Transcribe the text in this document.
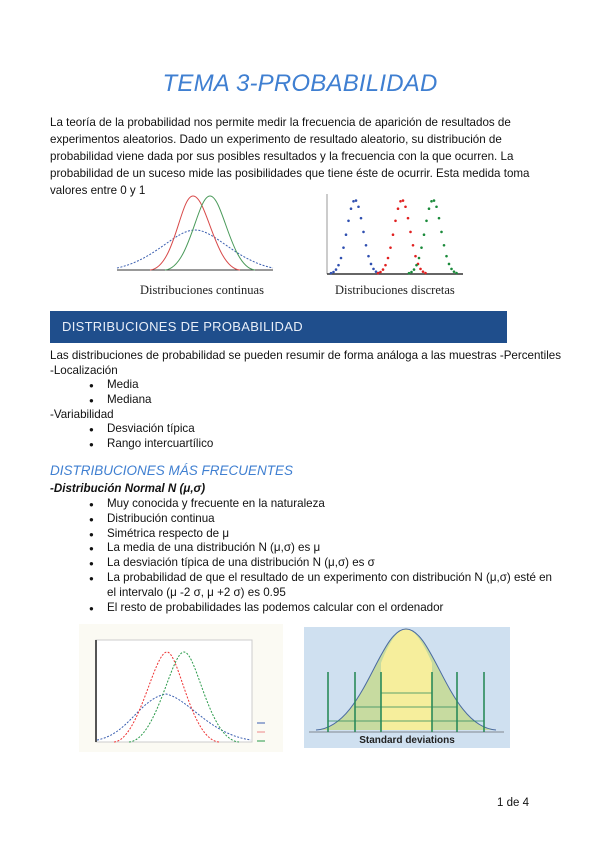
TEMA 3-PROBABILIDAD
La teoría de la probabilidad nos permite medir la frecuencia de aparición de resultados de experimentos aleatorios. Dado un experimento de resultado aleatorio, su distribución de probabilidad viene dada por sus posibles resultados y la frecuencia con la que ocurren. La probabilidad de un suceso mide las posibilidades que tiene éste de ocurrir. Esta medida toma valores entre 0 y 1
Distribuciones continuas	Distribuciones discretas
DISTRIBUCIONES DE PROBABILIDAD
Las distribuciones de probabilidad se pueden resumir de forma análoga a las muestras -Percentiles
-Localización
● Media
● Mediana
-Variabilidad
● Desviación típica
● Rango intercuartílico
DISTRIBUCIONES MÁS FRECUENTES
-Distribución Normal N (μ,σ)
● Muy conocida y frecuente en la naturaleza
● Distribución continua
● Simétrica respecto de μ
● La media de una distribución N (μ,σ) es μ
● La desviación típica de una distribución N (μ,σ) es σ
● La probabilidad de que el resultado de un experimento con distribución N (μ,σ) esté en el intervalo (μ -2 σ, μ +2 σ) es 0.95
● El resto de probabilidades las podemos calcular con el ordenador
Standard deviations
1 de 4
